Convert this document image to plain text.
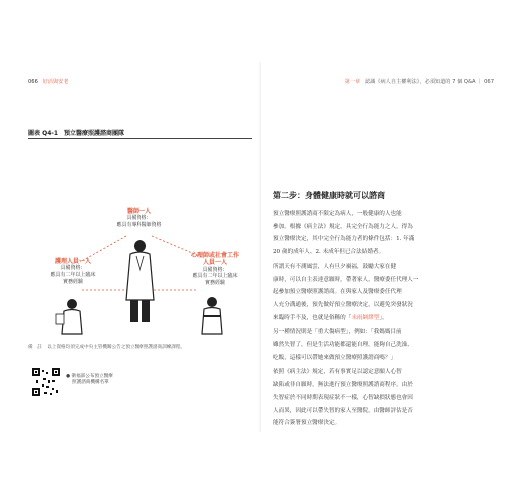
066 好活與安老
圖表 Q4-1　預立醫療照護諮商團隊
醫師一人
具備資格：
應具有專科醫師資格
護理人員一人
具備資格：
應具有二年以上臨床
實務經驗
心理師或社會工作
人員一人
具備資格：
應具有二年以上臨床
實務經驗
備　註 以上資格均須完成中央主管機關公告之預立醫療照護諮商訓練課程。
● 衛福部公布預立醫療
照護諮商機構名單
第一章 認識《病人自主權利法》，必須知道的 7 個 Q&A ｜ 067
第二步：身體健康時就可以諮商

預立醫療照護諮商不限定為病人，一般健康的人也能
參加。根據《病主法》規定，具完全行為能力之人，得為
預立醫療決定，其中完全行為能力者的條件包括：1. 年滿
20 歲的成年人、2. 未成年但已合法結婚者。

所謂天有不測風雲，人有旦夕禍福，鼓勵大家在健
康時，可以自主表達意願時，帶著家人，醫療委任代理人一
起參加預立醫療照護諮商。在與家人及醫療委任代理
人充分溝通後，預先做好預立醫療決定，以避免突發狀況
來臨時手不及，也就是俗稱的「未雨綢繆型」。

另一種情況則是「重大傷病型」，例如：「我媽媽目前
雖然失智了，但是生活功能都還能自理，能夠自己洗澡、
吃飯，這樣可以帶她來做預立醫療照護諮商嗎？」

依照《病主法》規定，若有事實足以認定意願人心智
缺陷或非自願時，無法進行預立醫療照護諮商程序。由於
失智症於不同時期表現症狀不一樣，心智缺損狀態也會因
人而異，因此可以帶失智的家人至醫院，由醫師評估是否
能符合簽署預立醫療決定。
